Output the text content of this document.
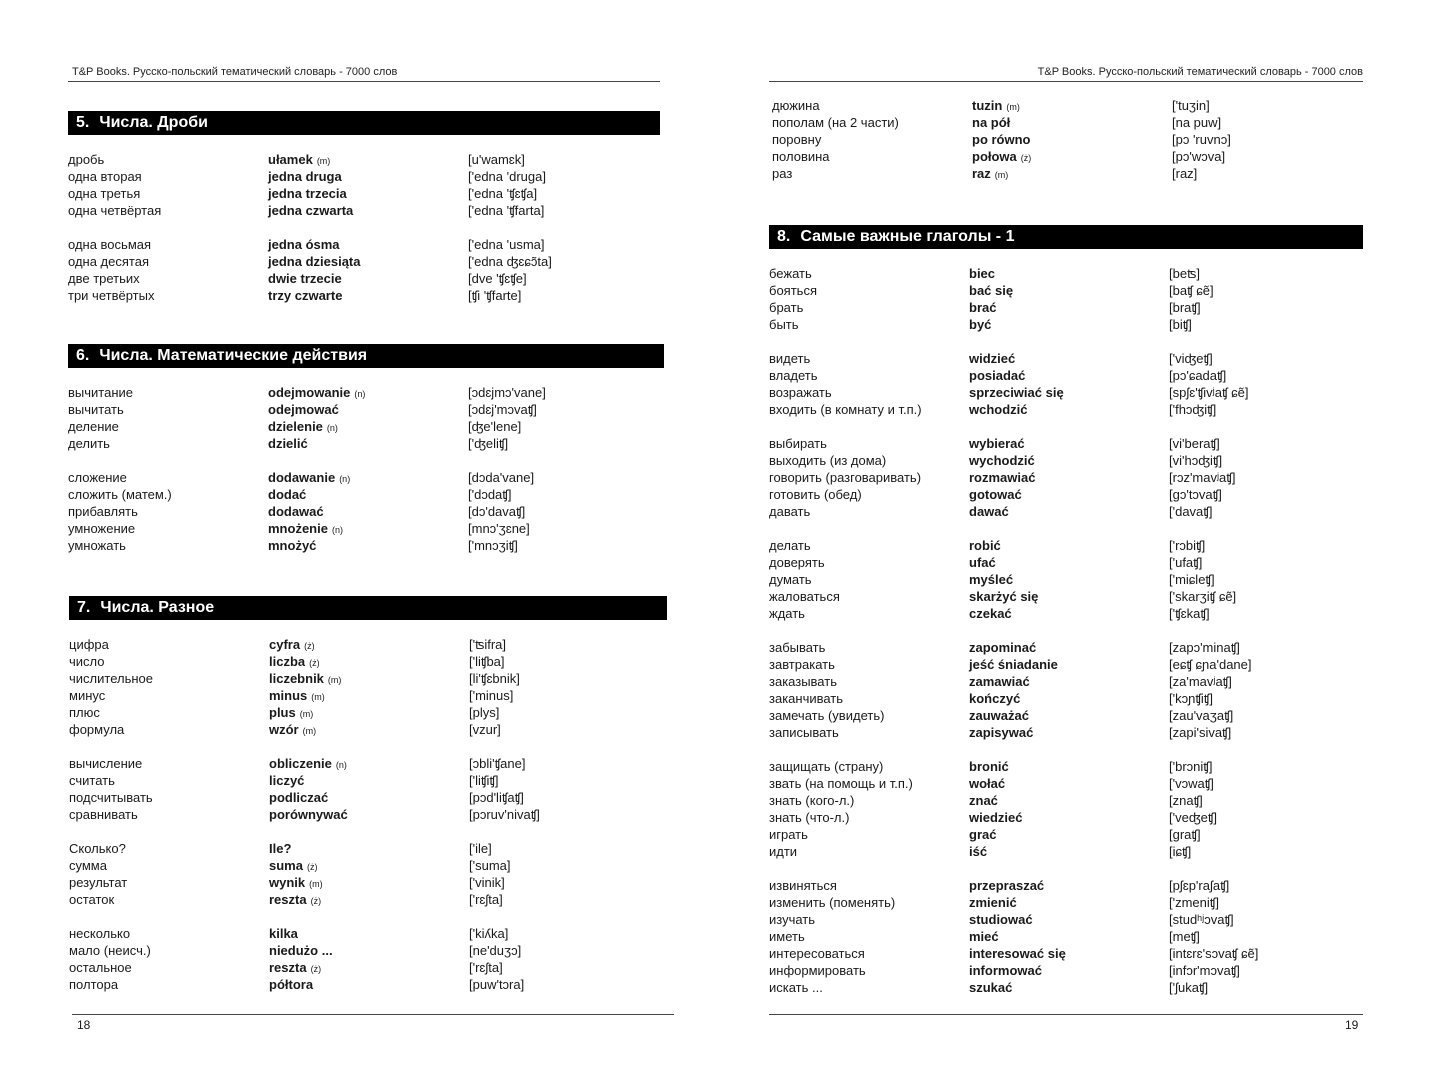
T&P Books. Русско-польский тематический словарь - 7000 слов
5. Числа. Дроби
дробь	ułamek (m)	[u'wamɛk]
одна вторая	jedna druga	['edna 'druga]
одна третья	jedna trzecia	['edna 'ʧɛʧa]
одна четвёртая	jedna czwarta	['edna 'ʧfarta]
одна восьмая	jedna ósma	['edna 'usma]
одна десятая	jedna dziesiąta	['edna ʤɛɕɔ̃ta]
две третьих	dwie trzecie	[dve 'ʧɛʧe]
три четвёртых	trzy czwarte	[ʧi 'ʧfarte]
6. Числа. Математические действия
вычитание	odejmowanie (n)	[ɔdɛjmɔ'vane]
вычитать	odejmować	[ɔdɛj'mɔvaʧ]
деление	dzielenie (n)	[ʤe'lene]
делить	dzielić	['ʤeliʧ]
сложение	dodawanie (n)	[dɔda'vane]
сложить (матем.)	dodać	['dɔdaʧ]
прибавлять	dodawać	[dɔ'davaʧ]
умножение	mnożenie (n)	[mnɔ'ʒɛne]
умножать	mnożyć	['mnɔʒiʧ]
7. Числа. Разное
цифра	cyfra (ż)	['ʦifra]
число	liczba (ż)	['liʧba]
числительное	liczebnik (m)	[li'ʧɛbnik]
минус	minus (m)	['minus]
плюс	plus (m)	[plys]
формула	wzór (m)	[vzur]
вычисление	obliczenie (n)	[ɔbli'ʧane]
считать	liczyć	['liʧiʧ]
подсчитывать	podliczać	[pɔd'liʧaʧ]
сравнивать	porównywać	[pɔruv'nivaʧ]
Сколько?	Ile?	['ile]
сумма	suma (ż)	['suma]
результат	wynik (m)	['vinik]
остаток	reszta (ż)	['rɛʃta]
несколько	kilka	['kiʎka]
мало (неисч.)	niedużo ...	[ne'duʒɔ]
остальное	reszta (ż)	['rɛʃta]
полтора	półtora	[puw'tɔra]
18
T&P Books. Русско-польский тематический словарь - 7000 слов
дюжина	tuzin (m)	['tuʒin]
пополам (на 2 части)	na pół	[na puw]
поровну	po równo	[pɔ 'ruvnɔ]
половина	połowa (ż)	[pɔ'wɔva]
раз	raz (m)	[raz]
8. Самые важные глаголы - 1
бежать	biec	[beʦ]
бояться	bać się	[baʧ ɕẽ]
брать	brać	[braʧ]
быть	być	[biʧ]
видеть	widzieć	['viʤeʧ]
владеть	posiadać	[pɔ'ɕadaʧ]
возражать	sprzeciwiać się	[spʃɛ'ʧivʲaʧ ɕẽ]
входить (в комнату и т.п.)	wchodzić	['fhɔʤiʧ]
выбирать	wybierać	[vi'beraʧ]
выходить (из дома)	wychodzić	[vi'hɔʤiʧ]
говорить (разговаривать)	rozmawiać	[rɔz'mavʲaʧ]
готовить (обед)	gotować	[gɔ'tɔvaʧ]
давать	dawać	['davaʧ]
делать	robić	['rɔbiʧ]
доверять	ufać	['ufaʧ]
думать	myśleć	['miɕleʧ]
жаловаться	skarżyć się	['skarʒiʧ ɕẽ]
ждать	czekać	['ʧɛkaʧ]
забывать	zapominać	[zapɔ'minaʧ]
завтракать	jeść śniadanie	[eɕʧ ɕɲa'dane]
заказывать	zamawiać	[za'mavʲaʧ]
заканчивать	kończyć	['kɔɲʧiʧ]
замечать (увидеть)	zauważać	[zau'vaʒaʧ]
записывать	zapisywać	[zapi'sivaʧ]
защищать (страну)	bronić	['brɔniʧ]
звать (на помощь и т.п.)	wołać	['vɔwaʧ]
знать (кого-л.)	znać	[znaʧ]
знать (что-л.)	wiedzieć	['veʤeʧ]
играть	grać	[graʧ]
идти	iść	[iɕʧ]
извиняться	przepraszać	[pʃɛp'raʃaʧ]
изменить (поменять)	zmienić	['zmeniʧ]
изучать	studiować	[studʰʲɔvaʧ]
иметь	mieć	[meʧ]
интересоваться	interesować się	[intɛrɛ'sɔvaʧ ɕẽ]
информировать	informować	[infɔr'mɔvaʧ]
искать ...	szukać	['ʃukaʧ]
19
